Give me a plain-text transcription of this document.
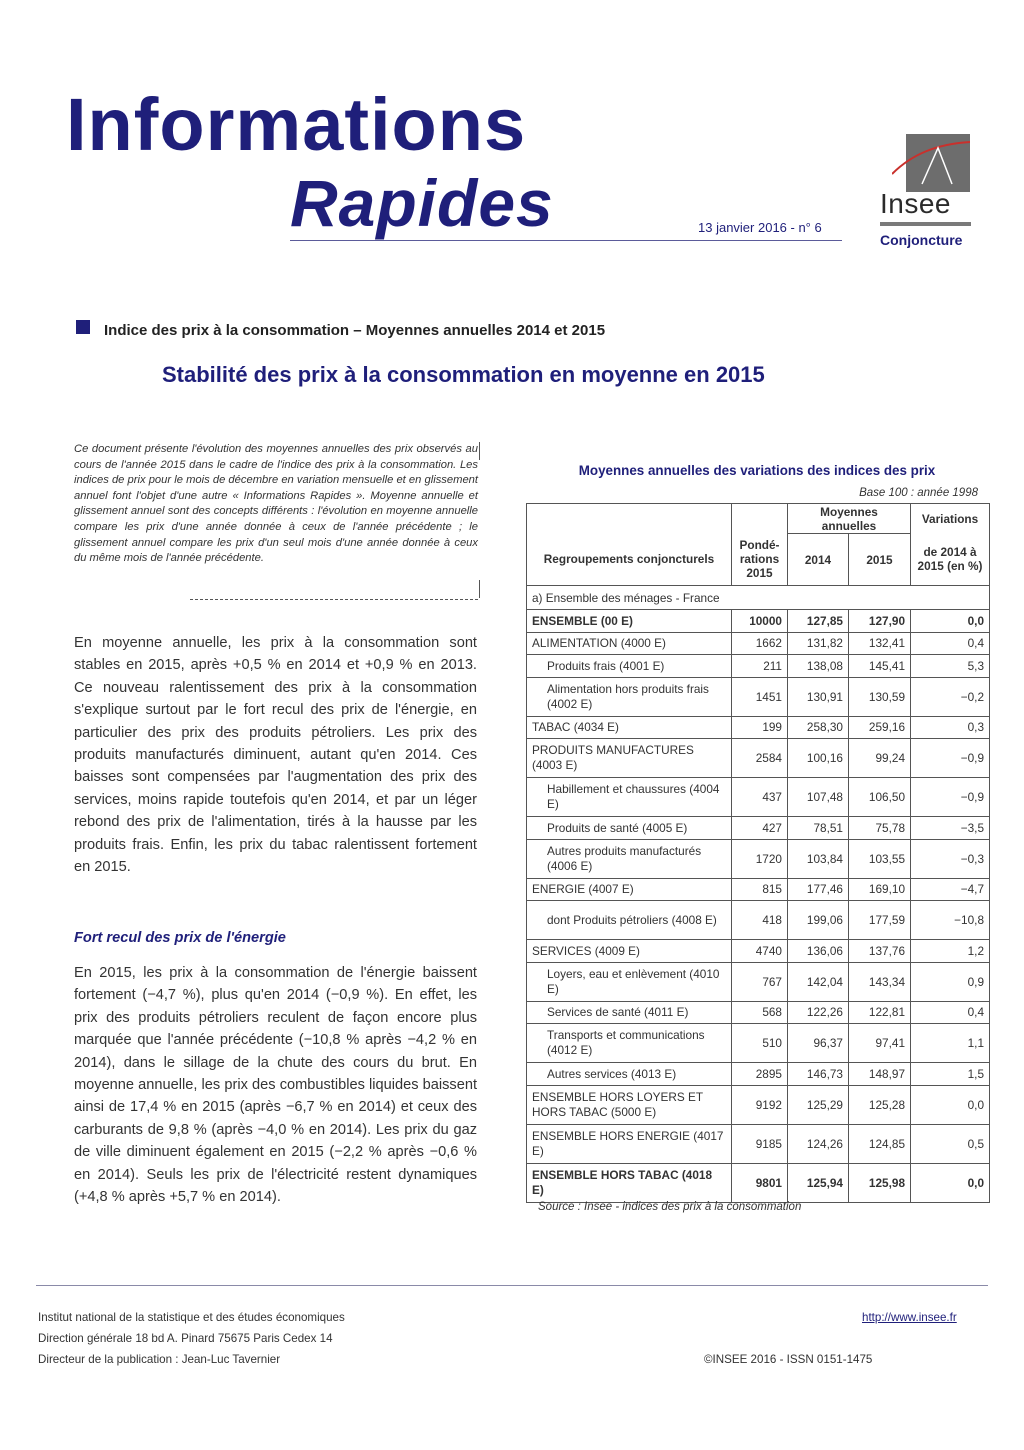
Informations
Rapides	13 janvier 2016 - n° 6
Insee
Conjoncture
Indice des prix à la consommation – Moyennes annuelles 2014 et 2015
Stabilité des prix à la consommation en moyenne en 2015
Ce document présente l'évolution des moyennes annuelles des prix observés au cours de l'année 2015 dans le cadre de l'indice des prix à la consommation. Les indices de prix pour le mois de décembre en variation mensuelle et en glissement annuel font l'objet d'une autre « Informations Rapides ». Moyenne annuelle et glissement annuel sont des concepts différents : l'évolution en moyenne annuelle compare les prix d'une année donnée à ceux de l'année précédente ; le glissement annuel compare les prix d'un seul mois d'une année donnée à ceux du même mois de l'année précédente.
En moyenne annuelle, les prix à la consommation sont stables en 2015, après +0,5 % en 2014 et +0,9 % en 2013. Ce nouveau ralentissement des prix à la consommation s'explique surtout par le fort recul des prix de l'énergie, en particulier des prix des produits pétroliers. Les prix des produits manufacturés diminuent, autant qu'en 2014. Ces baisses sont compensées par l'augmentation des prix des services, moins rapide toutefois qu'en 2014, et par un léger rebond des prix de l'alimentation, tirés à la hausse par les produits frais. Enfin, les prix du tabac ralentissent fortement en 2015.
Fort recul des prix de l'énergie
En 2015, les prix à la consommation de l'énergie baissent fortement (−4,7 %), plus qu'en 2014 (−0,9 %). En effet, les prix des produits pétroliers reculent de façon encore plus marquée que l'année précédente (−10,8 % après −4,2 % en 2014), dans le sillage de la chute des cours du brut. En moyenne annuelle, les prix des combustibles liquides baissent ainsi de 17,4 % en 2015 (après −6,7 % en 2014) et ceux des carburants de 9,8 % (après −4,0 % en 2014). Les prix du gaz de ville diminuent également en 2015 (−2,2 % après −0,6 % en 2014). Seuls les prix de l'électricité restent dynamiques (+4,8 % après +5,7 % en 2014).
Moyennes annuelles des variations des indices des prix
Base 100 : année 1998
		Moyennes annuelles		Variations
Regroupements conjoncturels	Pondé-rations 2015	2014	2015	de 2014 à 2015 (en %)
a) Ensemble des ménages - France				
ENSEMBLE (00 E)	10000	127,85	127,90	0,0
ALIMENTATION (4000 E)	1662	131,82	132,41	0,4
Produits frais (4001 E)	211	138,08	145,41	5,3
Alimentation hors produits frais (4002 E)	1451	130,91	130,59	−0,2
TABAC (4034 E)	199	258,30	259,16	0,3
PRODUITS MANUFACTURES (4003 E)	2584	100,16	99,24	−0,9
Habillement et chaussures (4004 E)	437	107,48	106,50	−0,9
Produits de santé (4005 E)	427	78,51	75,78	−3,5
Autres produits manufacturés (4006 E)	1720	103,84	103,55	−0,3
ENERGIE (4007 E)	815	177,46	169,10	−4,7
dont Produits pétroliers (4008 E)	418	199,06	177,59	−10,8
SERVICES (4009 E)	4740	136,06	137,76	1,2
Loyers, eau et enlèvement (4010 E)	767	142,04	143,34	0,9
Services de santé (4011 E)	568	122,26	122,81	0,4
Transports et communications (4012 E)	510	96,37	97,41	1,1
Autres services (4013 E)	2895	146,73	148,97	1,5
ENSEMBLE HORS LOYERS ET HORS TABAC (5000 E)	9192	125,29	125,28	0,0
ENSEMBLE HORS ENERGIE (4017 E)	9185	124,26	124,85	0,5
ENSEMBLE HORS TABAC (4018 E)	9801	125,94	125,98	0,0
Source : Insee - indices des prix à la consommation
Institut national de la statistique et des études économiques
Direction générale 18 bd A. Pinard 75675 Paris Cedex 14
Directeur de la publication : Jean-Luc Tavernier
http://www.insee.fr
©INSEE 2016 - ISSN 0151-1475
